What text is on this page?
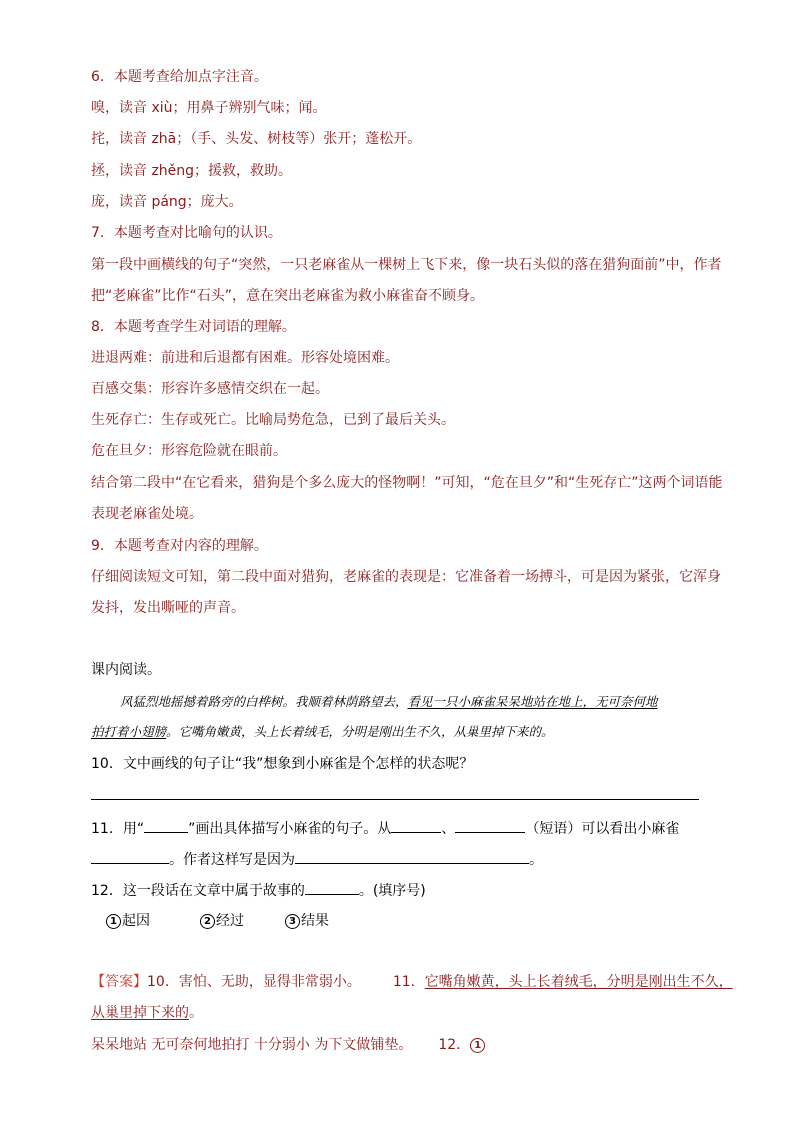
6．本题考查给加点字注音。
嗅，读音 xiù；用鼻子辨别气味；闻。
挓，读音 zhā；（手、头发、树枝等）张开；蓬松开。
拯，读音 zhěng；援救，救助。
庞，读音 páng；庞大。
7．本题考查对比喻句的认识。
第一段中画横线的句子“突然，一只老麻雀从一棵树上飞下来，像一块石头似的落在猎狗面前”中，作者
把“老麻雀”比作“石头”，意在突出老麻雀为救小麻雀奋不顾身。
8．本题考查学生对词语的理解。
进退两难：前进和后退都有困难。形容处境困难。
百感交集：形容许多感情交织在一起。
生死存亡：生存或死亡。比喻局势危急，已到了最后关头。
危在旦夕：形容危险就在眼前。
结合第二段中“在它看来，猎狗是个多么庞大的怪物啊！”可知，“危在旦夕”和“生死存亡”这两个词语能
表现老麻雀处境。
9．本题考查对内容的理解。
仔细阅读短文可知，第二段中面对猎狗，老麻雀的表现是：它准备着一场搏斗，可是因为紧张，它浑身
发抖，发出嘶哑的声音。
课内阅读。
风猛烈地摇撼着路旁的白桦树。我顺着林荫路望去，看见一只小麻雀呆呆地站在地上，无可奈何地
拍打着小翅膀。它嘴角嫩黄，头上长着绒毛，分明是刚出生不久，从巢里掉下来的。
10．文中画线的句子让“我”想象到小麻雀是个怎样的状态呢？
11．用“	”画出具体描写小麻雀的句子。从	、	（短语）可以看出小麻雀
。作者这样写是因为	。
12．这一段话在文章中属于故事的	。(填序号)
1 起因	2 经过	3 结果
【答案】10．害怕、无助，显得非常弱小。 11．它嘴角嫩黄，头上长着绒毛，分明是刚出生不久，
从巢里掉下来的。
呆呆地站 无可奈何地拍打 十分弱小 为下文做铺垫。 12． 1
